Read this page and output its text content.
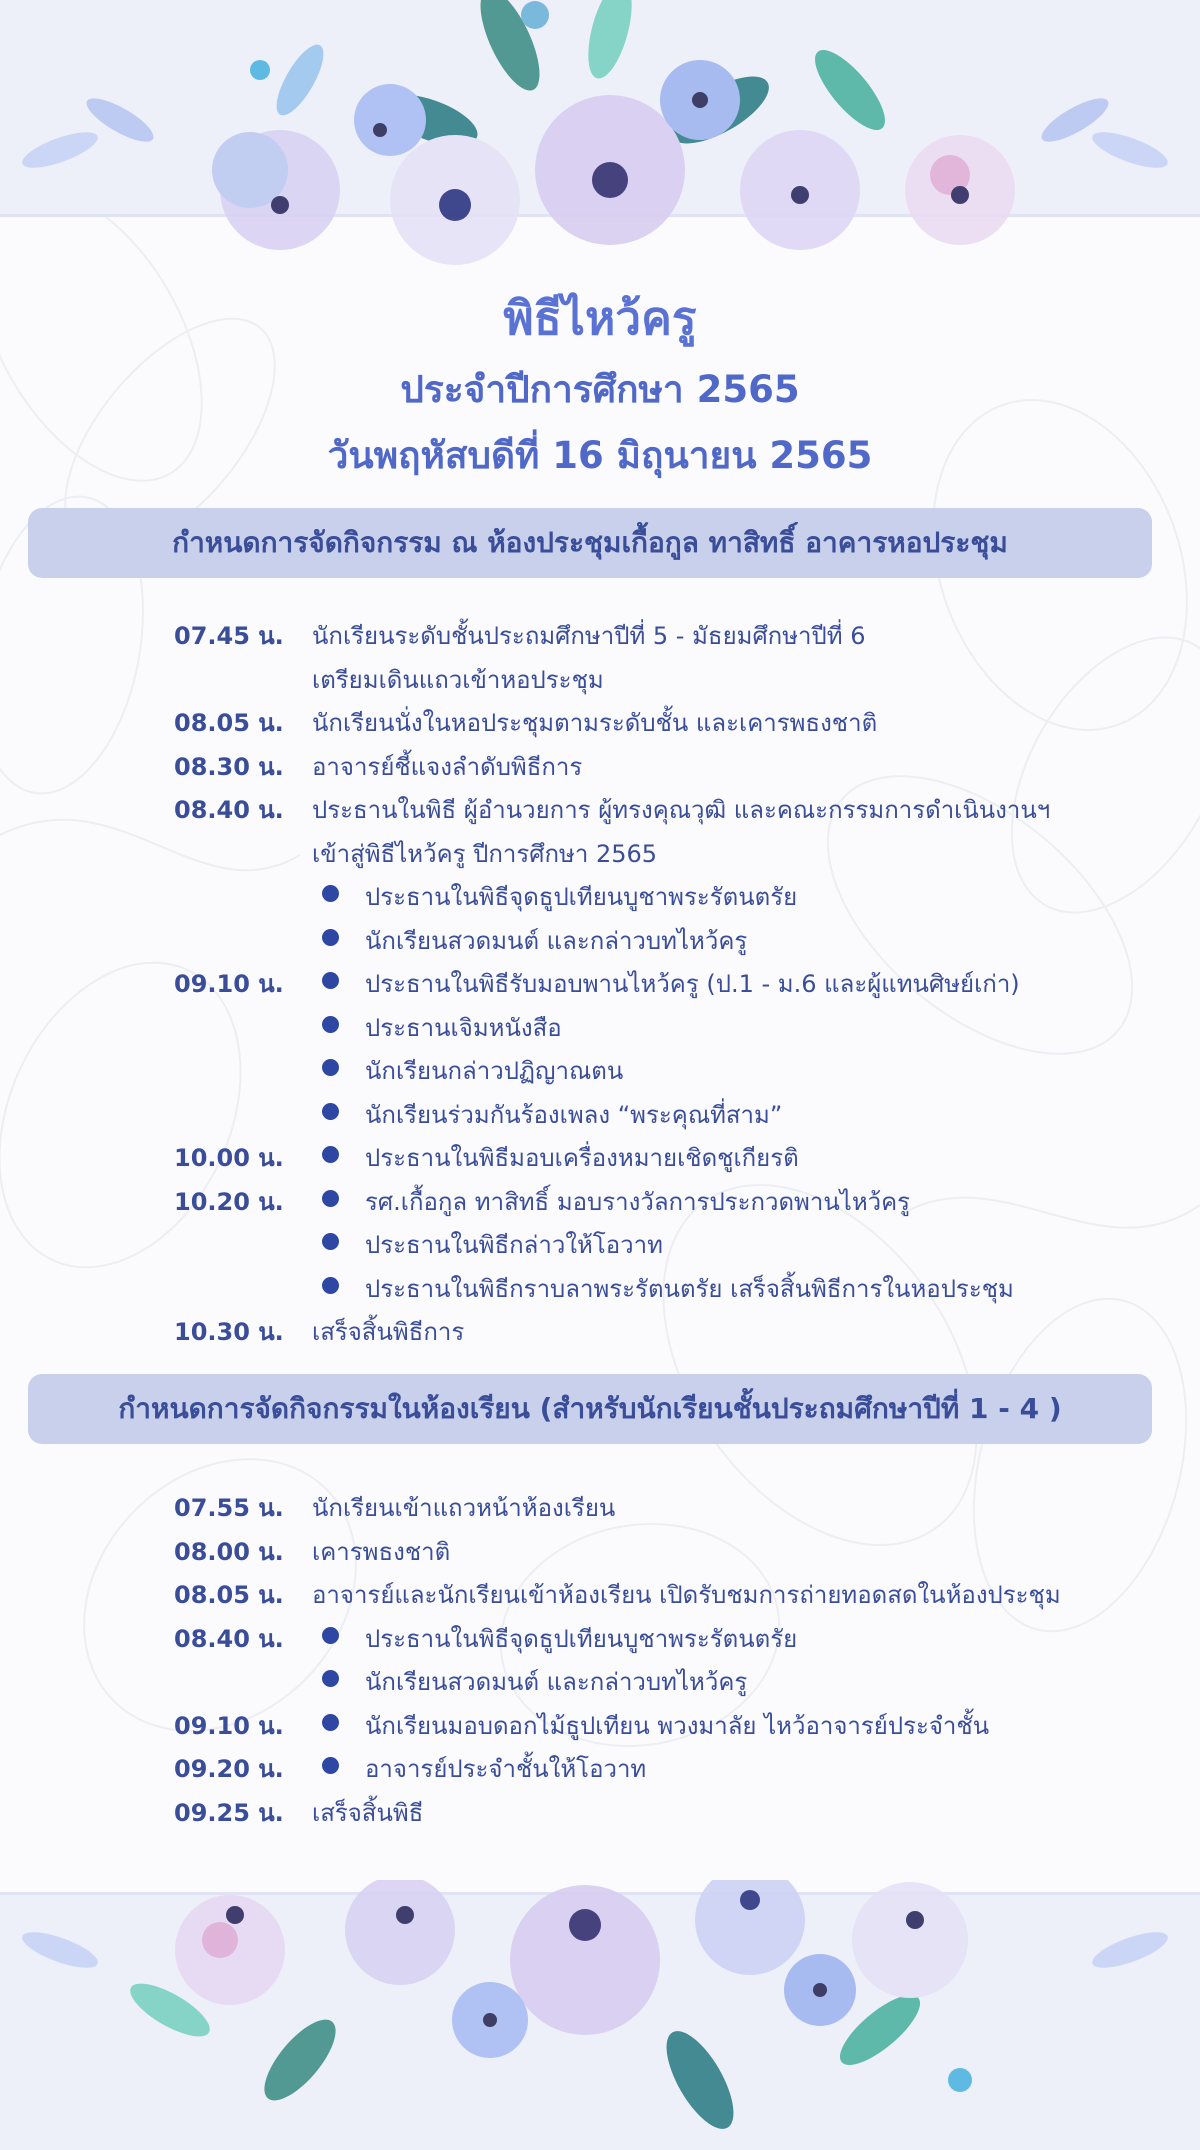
พิธีไหว้ครู
ประจำปีการศึกษา 2565
วันพฤหัสบดีที่ 16 มิถุนายน 2565
กำหนดการจัดกิจกรรม ณ ห้องประชุมเกื้อกูล ทาสิทธิ์ อาคารหอประชุม
07.45 น. นักเรียนระดับชั้นประถมศึกษาปีที่ 5 - มัธยมศึกษาปีที่ 6
เตรียมเดินแถวเข้าหอประชุม
08.05 น. นักเรียนนั่งในหอประชุมตามระดับชั้น และเคารพธงชาติ
08.30 น. อาจารย์ชี้แจงลำดับพิธีการ
08.40 น. ประธานในพิธี ผู้อำนวยการ ผู้ทรงคุณวุฒิ และคณะกรรมการดำเนินงานฯ
เข้าสู่พิธีไหว้ครู ปีการศึกษา 2565
ประธานในพิธีจุดธูปเทียนบูชาพระรัตนตรัย
นักเรียนสวดมนต์ และกล่าวบทไหว้ครู
09.10 น.	ประธานในพิธีรับมอบพานไหว้ครู (ป.1 - ม.6 และผู้แทนศิษย์เก่า)
ประธานเจิมหนังสือ
นักเรียนกล่าวปฏิญาณตน
นักเรียนร่วมกันร้องเพลง “พระคุณที่สาม”
10.00 น.	ประธานในพิธีมอบเครื่องหมายเชิดชูเกียรติ
10.20 น.	รศ.เกื้อกูล ทาสิทธิ์ มอบรางวัลการประกวดพานไหว้ครู
ประธานในพิธีกล่าวให้โอวาท
ประธานในพิธีกราบลาพระรัตนตรัย เสร็จสิ้นพิธีการในหอประชุม
10.30 น. เสร็จสิ้นพิธีการ
กำหนดการจัดกิจกรรมในห้องเรียน (สำหรับนักเรียนชั้นประถมศึกษาปีที่ 1 - 4 )
07.55 น. นักเรียนเข้าแถวหน้าห้องเรียน
08.00 น. เคารพธงชาติ
08.05 น. อาจารย์และนักเรียนเข้าห้องเรียน เปิดรับชมการถ่ายทอดสดในห้องประชุม
08.40 น.	ประธานในพิธีจุดธูปเทียนบูชาพระรัตนตรัย
นักเรียนสวดมนต์ และกล่าวบทไหว้ครู
09.10 น.	นักเรียนมอบดอกไม้ธูปเทียน พวงมาลัย ไหว้อาจารย์ประจำชั้น
09.20 น.	อาจารย์ประจำชั้นให้โอวาท
09.25 น. เสร็จสิ้นพิธี
